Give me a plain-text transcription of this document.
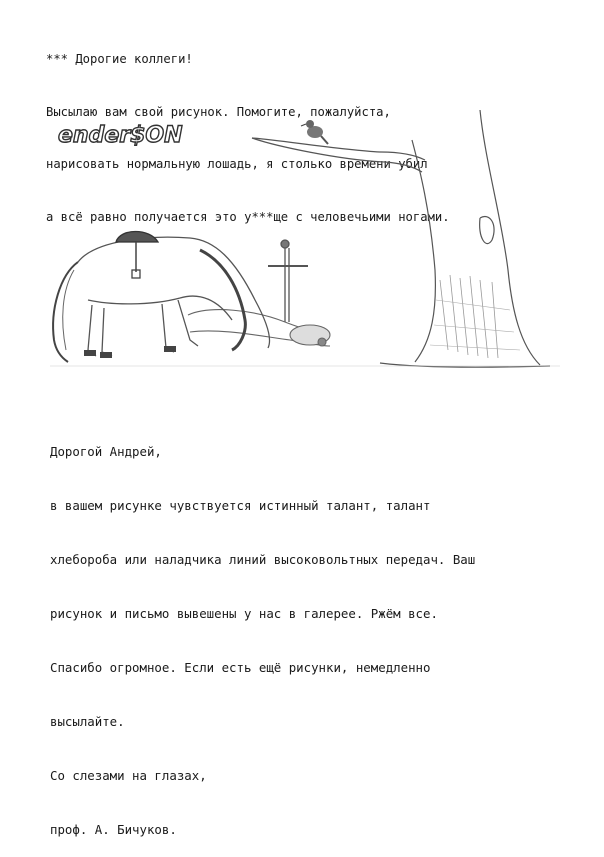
*** Дорогие коллеги!

Высылаю вам свой рисунок. Помогите, пожалуйста,

нарисовать нормальную лошадь, я столько времени убил

а всё равно получается это у***ще с человечьими ногами.

ender$ON

Дорогой Андрей,

в вашем рисунке чувствуется истинный талант, талант

хлебороба или наладчика линий высоковольтных передач. Ваш

рисунок и письмо вывешены у нас в галерее. Ржём все.

Спасибо огромное. Если есть ещё рисунки, немедленно

высылайте.

Со слезами на глазах,

проф. А. Бичуков.
